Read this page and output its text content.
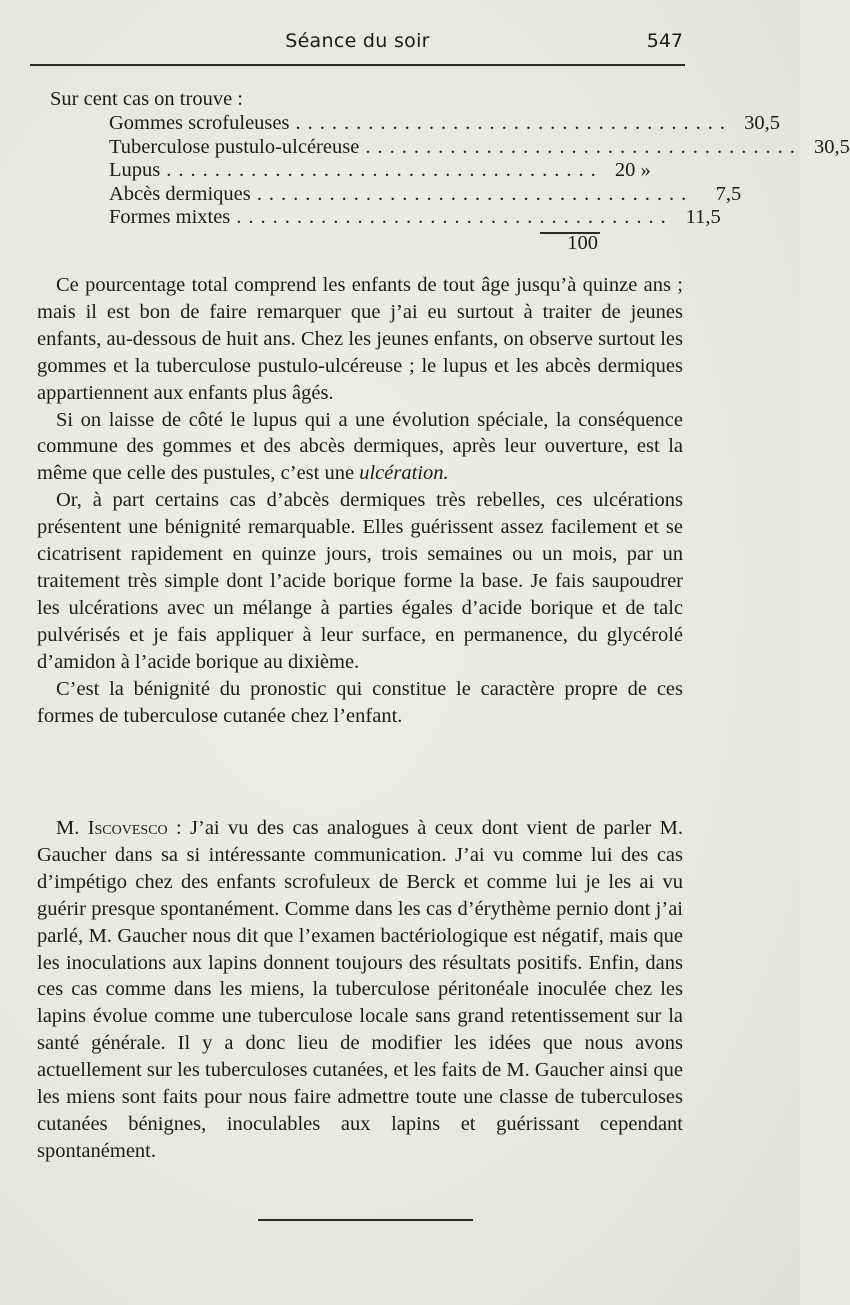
Séance du soir	547
Sur cent cas on trouve :
Gommes scrofuleuses .................................... 30,5
Tuberculose pustulo-ulcéreuse .................................... 30,5
Lupus .................................... 20 »
Abcès dermiques ....................................	7,5
Formes mixtes .................................... 11,5
100

Ce pourcentage total comprend les enfants de tout âge jusqu’à quinze ans ; mais il est bon de faire remarquer que j’ai eu surtout à traiter de jeunes enfants, au-dessous de huit ans. Chez les jeunes enfants, on observe surtout les gommes et la tuberculose pustulo-ulcéreuse ; le lupus et les abcès dermiques appartiennent aux enfants plus âgés.

Si on laisse de côté le lupus qui a une évolution spéciale, la conséquence commune des gommes et des abcès dermiques, après leur ouverture, est la même que celle des pustules, c’est une ulcération.

Or, à part certains cas d’abcès dermiques très rebelles, ces ulcérations présentent une bénignité remarquable. Elles guérissent assez facilement et se cicatrisent rapidement en quinze jours, trois semaines ou un mois, par un traitement très simple dont l’acide borique forme la base. Je fais saupoudrer les ulcérations avec un mélange à parties égales d’acide borique et de talc pulvérisés et je fais appliquer à leur surface, en permanence, du glycérolé d’amidon à l’acide borique au dixième.

C’est la bénignité du pronostic qui constitue le caractère propre de ces formes de tuberculose cutanée chez l’enfant.

M. Iscovesco : J’ai vu des cas analogues à ceux dont vient de parler M. Gaucher dans sa si intéressante communication. J’ai vu comme lui des cas d’impétigo chez des enfants scrofuleux de Berck et comme lui je les ai vu guérir presque spontanément. Comme dans les cas d’érythème pernio dont j’ai parlé, M. Gaucher nous dit que l’examen bactériologique est négatif, mais que les inoculations aux lapins donnent toujours des résultats positifs. Enfin, dans ces cas comme dans les miens, la tuberculose péritonéale inoculée chez les lapins évolue comme une tuberculose locale sans grand retentissement sur la santé générale. Il y a donc lieu de modifier les idées que nous avons actuellement sur les tuberculoses cutanées, et les faits de M. Gaucher ainsi que les miens sont faits pour nous faire admettre toute une classe de tuberculoses cutanées bénignes, inoculables aux lapins et guérissant cependant spontanément.
